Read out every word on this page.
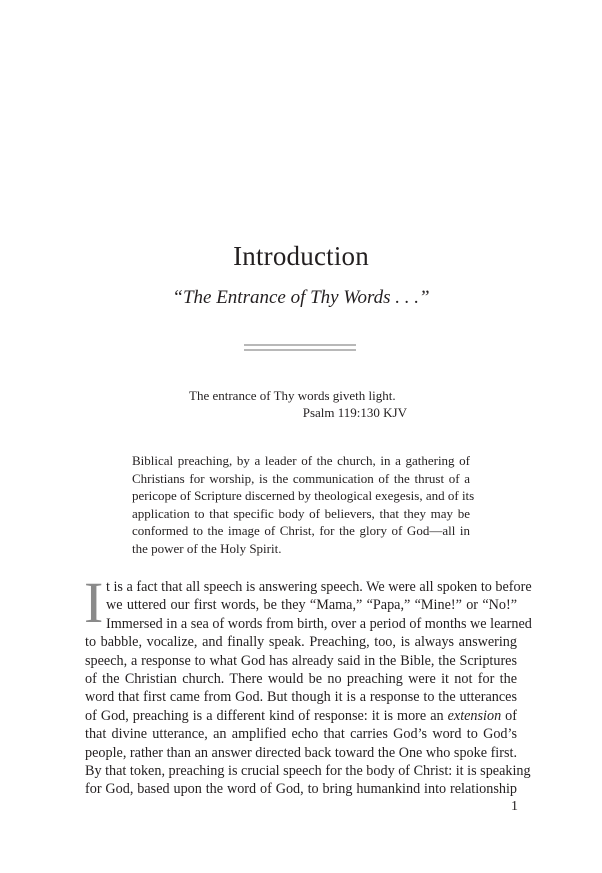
Introduction
“The Entrance of Thy Words . . .”
The entrance of Thy words giveth light.
Psalm 119:130 KJV
Biblical preaching, by a leader of the church, in a gathering of
Christians for worship, is the communication of the thrust of a
pericope of Scripture discerned by theological exegesis, and of its
application to that specific body of believers, that they may be
conformed to the image of Christ, for the glory of God—all in
the power of the Holy Spirit.
I t is a fact that all speech is answering speech. We were all spoken to before
we uttered our first words, be they “Mama,” “Papa,” “Mine!” or “No!”
Immersed in a sea of words from birth, over a period of months we learned
to babble, vocalize, and finally speak. Preaching, too, is always answering
speech, a response to what God has already said in the Bible, the Scriptures
of the Christian church. There would be no preaching were it not for the
word that first came from God. But though it is a response to the utterances
of God, preaching is a different kind of response: it is more an extension of
that divine utterance, an amplified echo that carries God’s word to God’s
people, rather than an answer directed back toward the One who spoke first.
By that token, preaching is crucial speech for the body of Christ: it is speaking
for God, based upon the word of God, to bring humankind into relationship
1
